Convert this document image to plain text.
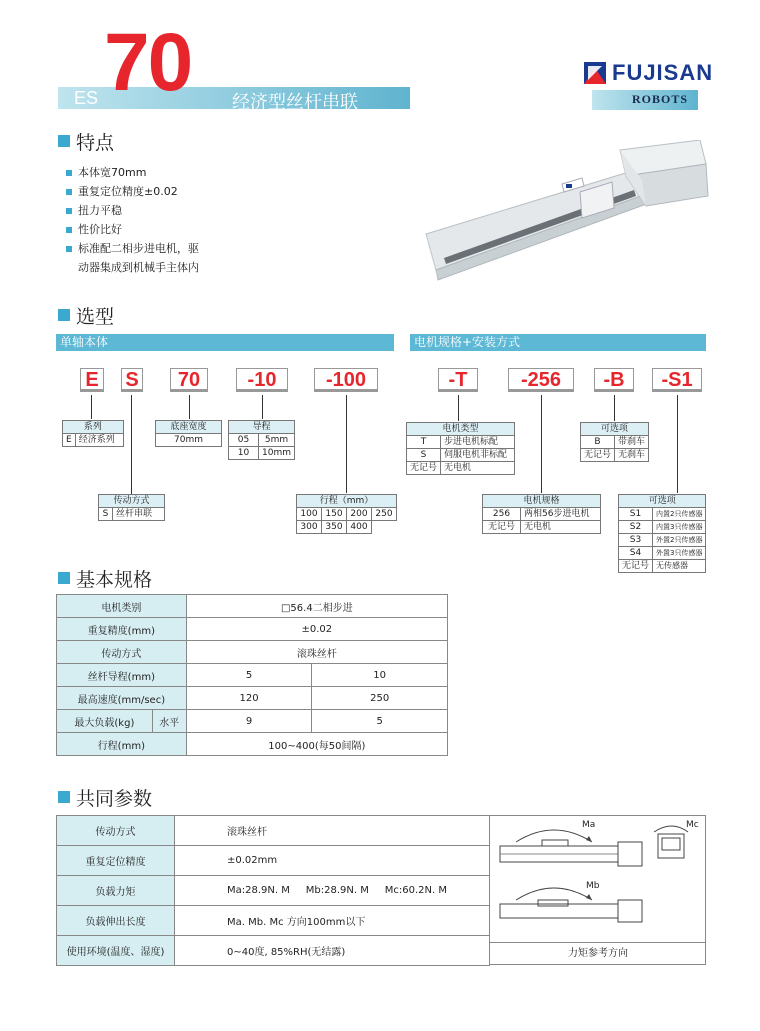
ES 70 经济型丝杆串联
FUJISAN
ROBOTS
特点
本体宽70mm
重复定位精度±0.02
扭力平稳
性价比好
标准配二相步进电机，驱
动器集成到机械手主体内
选型
单轴本体	电机规格+安装方式
E S	70	-10	-100	-T	-256	-B	-S1
系列
E	经济系列
底座宽度
70mm
导程	
05	5mm
10	10mm
传动方式
S	丝杆串联
行程（mm）			
100	150	200	250
300	350	400	
电机类型	
T	步进电机标配
S	伺服电机非标配
无记号	无电机
电机规格	
256	两相56步进电机
无记号	无电机
可选项	
B	带刹车
无记号	无刹车
可选项	
S1	内置2只传感器
S2	内置3只传感器
S3	外置2只传感器
S4	外置3只传感器
无记号	无传感器
基本规格
电机类别		□56.4二相步进	
重复精度(mm)		±0.02	
传动方式		滚珠丝杆	
丝杆导程(mm)		5	10
最高速度(mm/sec)		120	250
最大负载(kg)	水平	9	5
行程(mm)		100~400(每50间隔)	
共同参数
传动方式	滚珠丝杆
重复定位精度	±0.02mm
负载力矩	Ma:28.9N. M     Mb:28.9N. M     Mc:60.2N. M
负载伸出长度	Ma. Mb. Mc 方向100mm以下
使用环境(温度、湿度)	0~40度, 85%RH(无结露)
Ma
Mb
Mc
力矩参考方向
